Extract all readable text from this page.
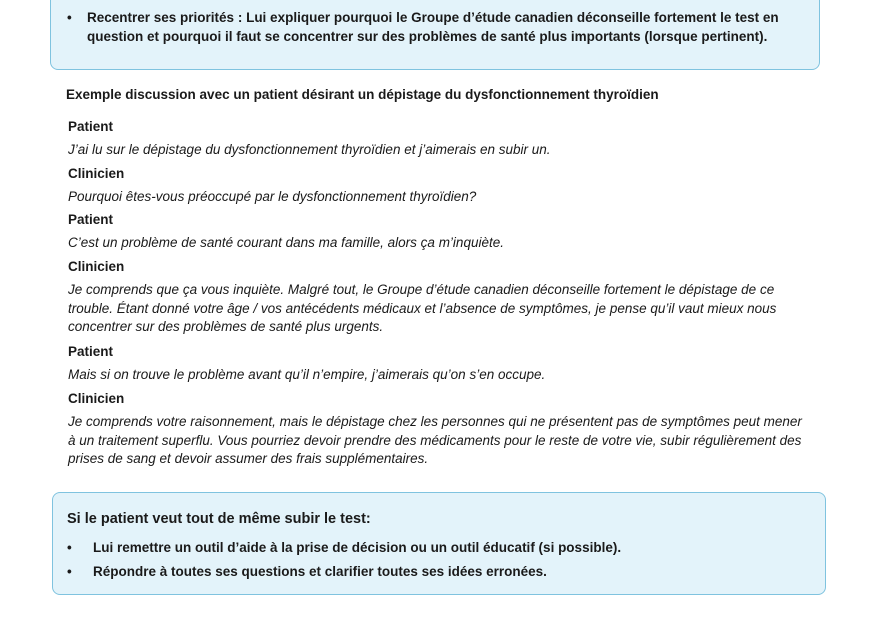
• Recentrer ses priorités : Lui expliquer pourquoi le Groupe d’étude canadien déconseille fortement le test en question et pourquoi il faut se concentrer sur des problèmes de santé plus importants (lorsque pertinent).
Exemple discussion avec un patient désirant un dépistage du dysfonctionnement thyroïdien
Patient
J’ai lu sur le dépistage du dysfonctionnement thyroïdien et j’aimerais en subir un.
Clinicien
Pourquoi êtes-vous préoccupé par le dysfonctionnement thyroïdien?
Patient
C’est un problème de santé courant dans ma famille, alors ça m’inquiète.
Clinicien
Je comprends que ça vous inquiète. Malgré tout, le Groupe d’étude canadien déconseille fortement le dépistage de ce trouble. Étant donné votre âge / vos antécédents médicaux et l’absence de symptômes, je pense qu’il vaut mieux nous concentrer sur des problèmes de santé plus urgents.
Patient
Mais si on trouve le problème avant qu’il n’empire, j’aimerais qu’on s’en occupe.
Clinicien
Je comprends votre raisonnement, mais le dépistage chez les personnes qui ne présentent pas de symptômes peut mener à un traitement superflu. Vous pourriez devoir prendre des médicaments pour le reste de votre vie, subir régulièrement des prises de sang et devoir assumer des frais supplémentaires.
Si le patient veut tout de même subir le test:
• Lui remettre un outil d’aide à la prise de décision ou un outil éducatif (si possible).
• Répondre à toutes ses questions et clarifier toutes ses idées erronées.
